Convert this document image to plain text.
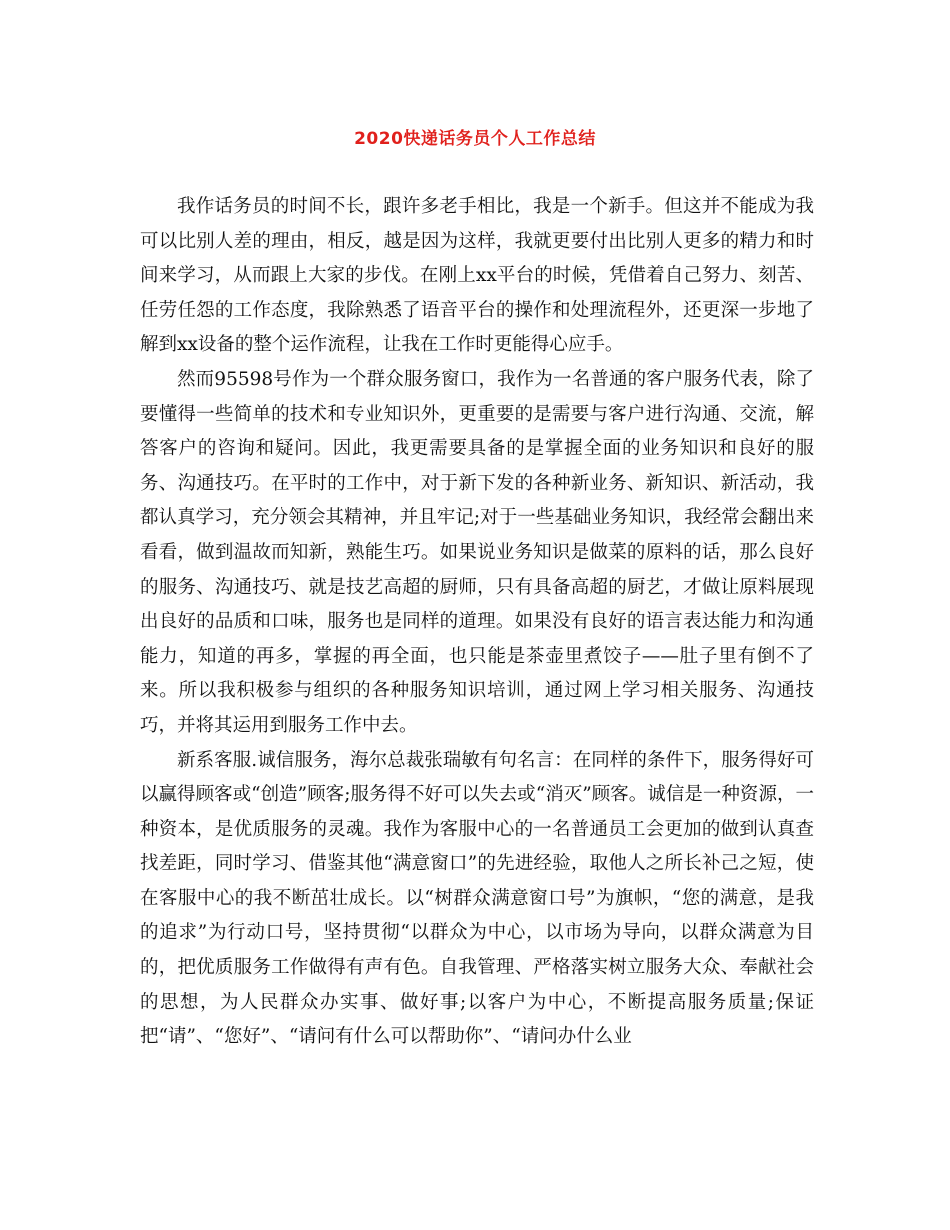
2020快递话务员个人工作总结

我作话务员的时间不长，跟许多老手相比，我是一个新手。但这并不能成为我可以比别人差的理由，相反，越是因为这样，我就更要付出比别人更多的精力和时间来学习，从而跟上大家的步伐。在刚上xx平台的时候，凭借着自己努力、刻苦、任劳任怨的工作态度，我除熟悉了语音平台的操作和处理流程外，还更深一步地了解到xx设备的整个运作流程，让我在工作时更能得心应手。

然而95598号作为一个群众服务窗口，我作为一名普通的客户服务代表，除了要懂得一些简单的技术和专业知识外，更重要的是需要与客户进行沟通、交流，解答客户的咨询和疑问。因此，我更需要具备的是掌握全面的业务知识和良好的服务、沟通技巧。在平时的工作中，对于新下发的各种新业务、新知识、新活动，我都认真学习，充分领会其精神，并且牢记;对于一些基础业务知识，我经常会翻出来看看，做到温故而知新，熟能生巧。如果说业务知识是做菜的原料的话，那么良好的服务、沟通技巧、就是技艺高超的厨师，只有具备高超的厨艺，才做让原料展现出良好的品质和口味，服务也是同样的道理。如果没有良好的语言表达能力和沟通能力，知道的再多，掌握的再全面，也只能是茶壶里煮饺子——肚子里有倒不了来。所以我积极参与组织的各种服务知识培训，通过网上学习相关服务、沟通技巧，并将其运用到服务工作中去。

新系客服.诚信服务，海尔总裁张瑞敏有句名言：在同样的条件下，服务得好可以赢得顾客或“创造”顾客;服务得不好可以失去或“消灭”顾客。诚信是一种资源，一种资本，是优质服务的灵魂。我作为客服中心的一名普通员工会更加的做到认真查找差距，同时学习、借鉴其他“满意窗口”的先进经验，取他人之所长补己之短，使在客服中心的我不断茁壮成长。以“树群众满意窗口号”为旗帜，“您的满意，是我的追求”为行动口号，坚持贯彻“以群众为中心，以市场为导向，以群众满意为目的，把优质服务工作做得有声有色。自我管理、严格落实树立服务大众、奉献社会的思想，为人民群众办实事、做好事;以客户为中心，不断提高服务质量;保证把“请”、“您好”、“请问有什么可以帮助你”、“请问办什么业
